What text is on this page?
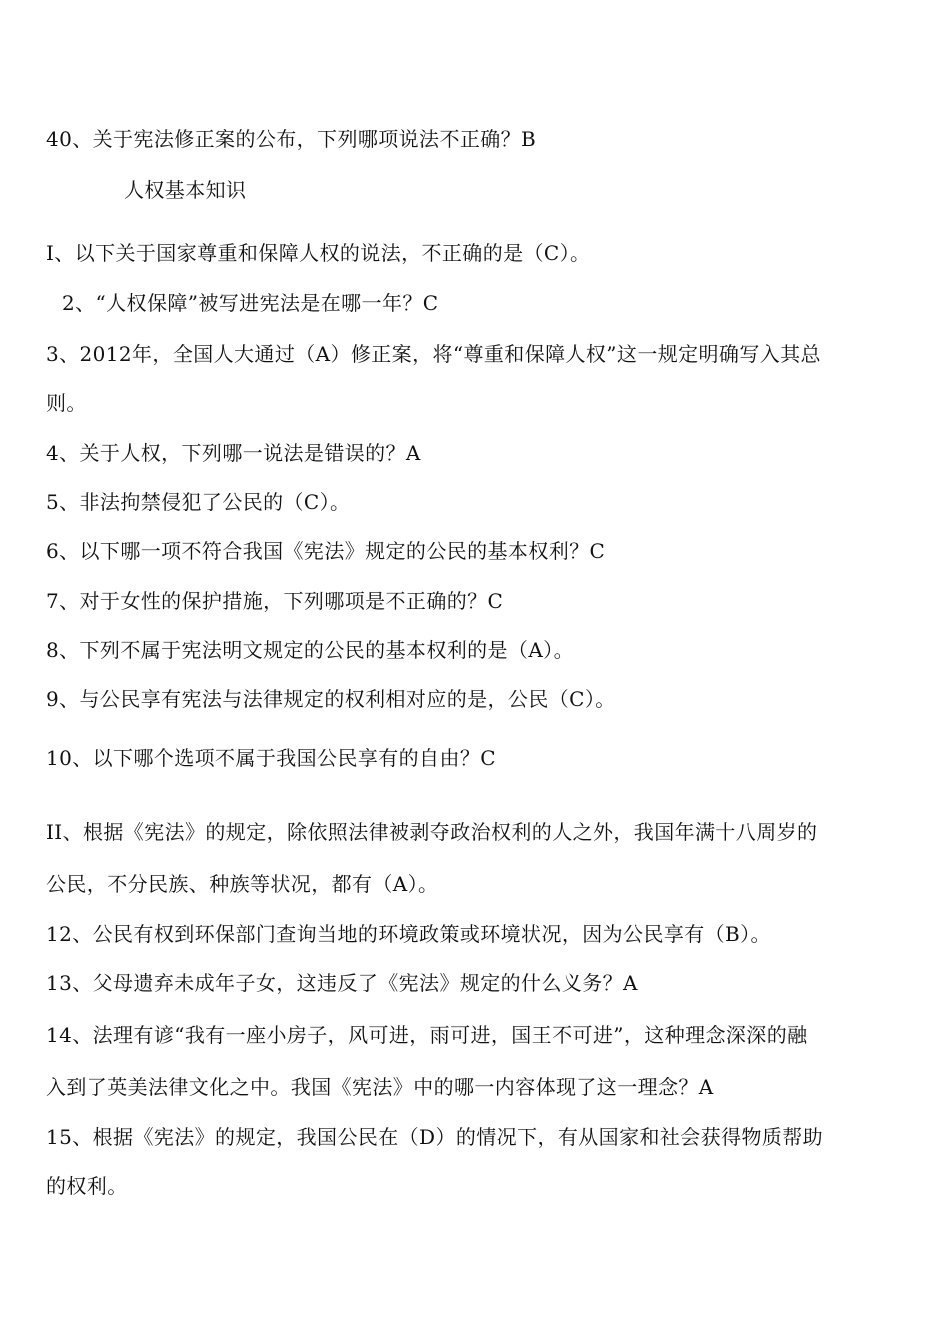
40、关于宪法修正案的公布，下列哪项说法不正确？B
人权基本知识
I、以下关于国家尊重和保障人权的说法，不正确的是（C）。
2、“人权保障”被写进宪法是在哪一年？C
3、2012年，全国人大通过（A）修正案，将“尊重和保障人权”这一规定明确写入其总
则。
4、关于人权，下列哪一说法是错误的？A
5、非法拘禁侵犯了公民的（C）。
6、以下哪一项不符合我国《宪法》规定的公民的基本权利？C
7、对于女性的保护措施，下列哪项是不正确的？C
8、下列不属于宪法明文规定的公民的基本权利的是（A）。
9、与公民享有宪法与法律规定的权利相对应的是，公民（C）。
10、以下哪个选项不属于我国公民享有的自由？C
II、根据《宪法》的规定，除依照法律被剥夺政治权利的人之外，我国年满十八周岁的
公民，不分民族、种族等状况，都有（A）。
12、公民有权到环保部门查询当地的环境政策或环境状况，因为公民享有（B）。
13、父母遗弃未成年子女，这违反了《宪法》规定的什么义务？A
14、法理有谚“我有一座小房子，风可进，雨可进，国王不可进”，这种理念深深的融
入到了英美法律文化之中。我国《宪法》中的哪一内容体现了这一理念？A
15、根据《宪法》的规定，我国公民在（D）的情况下，有从国家和社会获得物质帮助
的权利。
